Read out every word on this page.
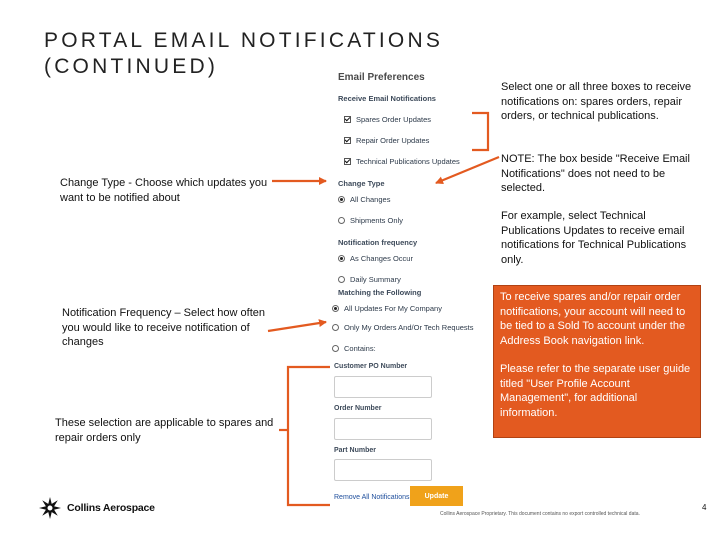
PORTAL EMAIL NOTIFICATIONS
(CONTINUED)
Change Type - Choose which updates you want to be notified about
Notification Frequency – Select how often you would like to receive notification of changes
These selection are applicable to spares and repair orders only
Select one or all three boxes to receive notifications on: spares orders, repair orders, or technical publications.
NOTE: The box beside "Receive Email Notifications" does not need to be selected.
For example, select Technical Publications Updates to receive email notifications for Technical Publications only.
Email Preferences
Receive Email Notifications
Spares Order Updates
Repair Order Updates
Technical Publications Updates
Change Type
All Changes
Shipments Only
Notification frequency
As Changes Occur
Daily Summary
Matching the Following
All Updates For My Company
Only My Orders And/Or Tech Requests
Contains:
Customer PO Number
Order Number
Part Number
Remove All Notifications	Update

To receive spares and/or repair order notifications, your account will need to be tied to a Sold To account under the Address Book navigation link.

Please refer to the separate user guide titled "User Profile Account Management", for additional information.

Collins Aerospace	Collins Aerospace Proprietary. This document contains no export controlled technical data.
4
